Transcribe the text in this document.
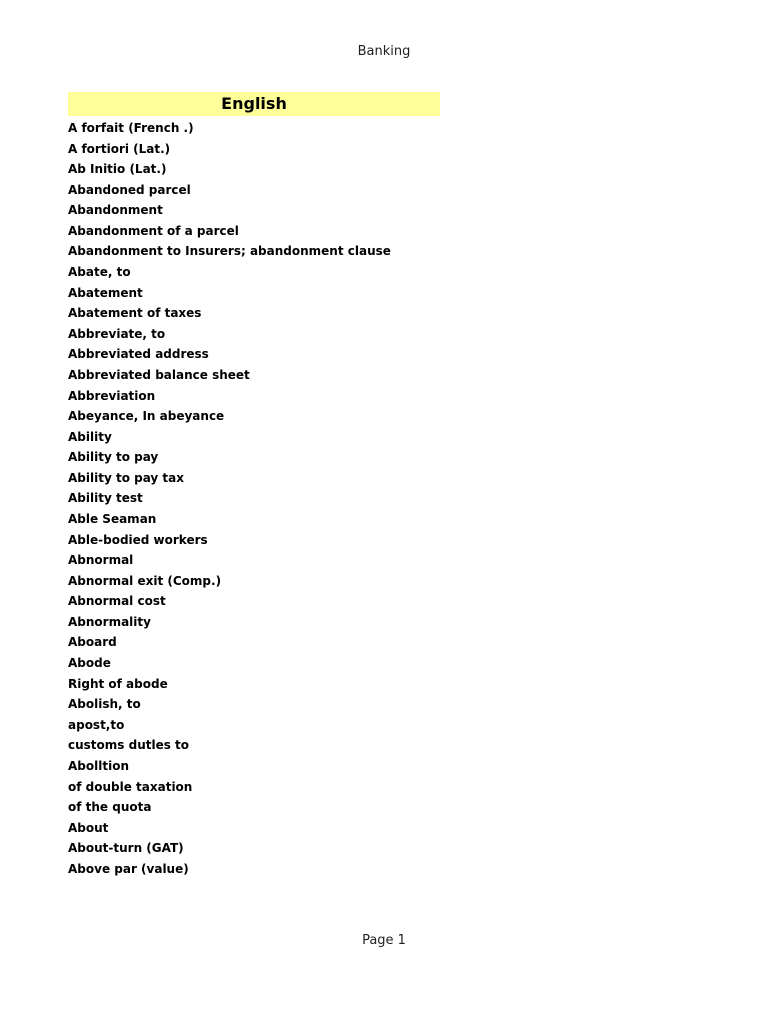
Banking
English
A forfait (French .)
A fortiori (Lat.)
Ab Initio (Lat.)
Abandoned parcel
Abandonment
Abandonment of a parcel
Abandonment to Insurers; abandonment clause
Abate, to
Abatement
Abatement of taxes
Abbreviate, to
Abbreviated address
Abbreviated balance sheet
Abbreviation
Abeyance, In abeyance
Ability
Ability to pay
Ability to pay tax
Ability test
Able Seaman
Able-bodied workers
Abnormal
Abnormal exit (Comp.)
Abnormal cost
Abnormality
Aboard
Abode
Right of abode
Abolish, to
apost,to
customs dutles to
Abolltion
of double taxation
of the quota
About
About-turn (GAT)
Above par (value)
Page 1
